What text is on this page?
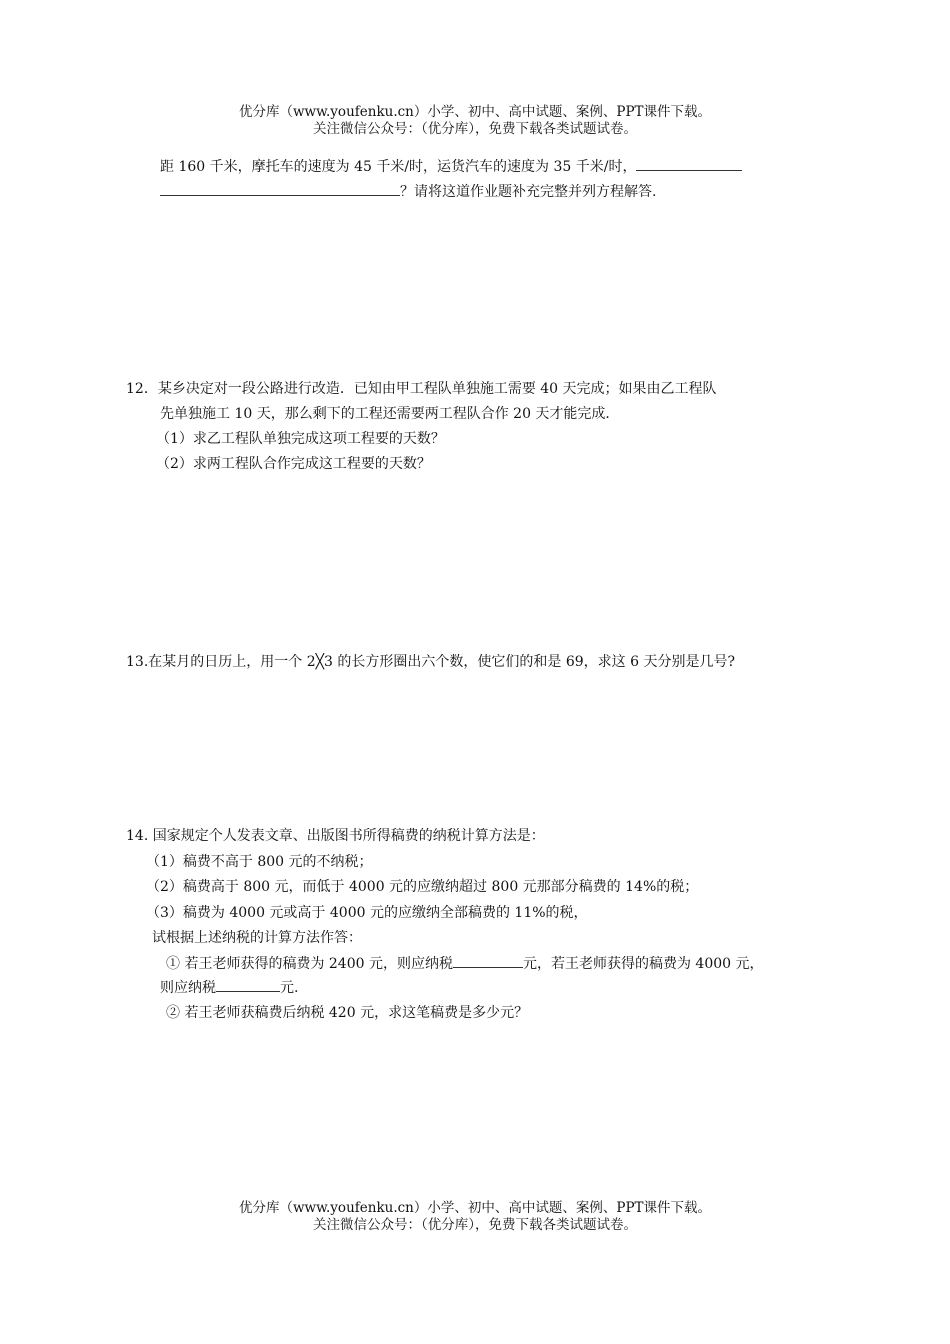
优分库（www.youfenku.cn）小学、初中、高中试题、案例、PPT课件下载。
关注微信公众号：（优分库），免费下载各类试题试卷。
距 160 千米，摩托车的速度为 45 千米/时，运货汽车的速度为 35 千米/时，
？请将这道作业题补充完整并列方程解答.
12．某乡决定对一段公路进行改造．已知由甲工程队单独施工需要 40 天完成；如果由乙工程队
先单独施工 10 天，那么剩下的工程还需要两工程队合作 20 天才能完成．
（1）求乙工程队单独完成这项工程要的天数？
（2）求两工程队合作完成这工程要的天数？
13.在某月的日历上，用一个 2╳3 的长方形圈出六个数，使它们的和是 69，求这 6 天分别是几号?
14. 国家规定个人发表文章、出版图书所得稿费的纳税计算方法是：
（1）稿费不高于 800 元的不纳税；
（2）稿费高于 800 元，而低于 4000 元的应缴纳超过 800 元那部分稿费的 14%的税；
（3）稿费为 4000 元或高于 4000 元的应缴纳全部稿费的 11%的税，
试根据上述纳税的计算方法作答：
① 若王老师获得的稿费为 2400 元，则应纳税	元，若王老师获得的稿费为 4000 元，
则应纳税	元.
② 若王老师获稿费后纳税 420 元，求这笔稿费是多少元？
优分库（www.youfenku.cn）小学、初中、高中试题、案例、PPT课件下载。
关注微信公众号：（优分库），免费下载各类试题试卷。
